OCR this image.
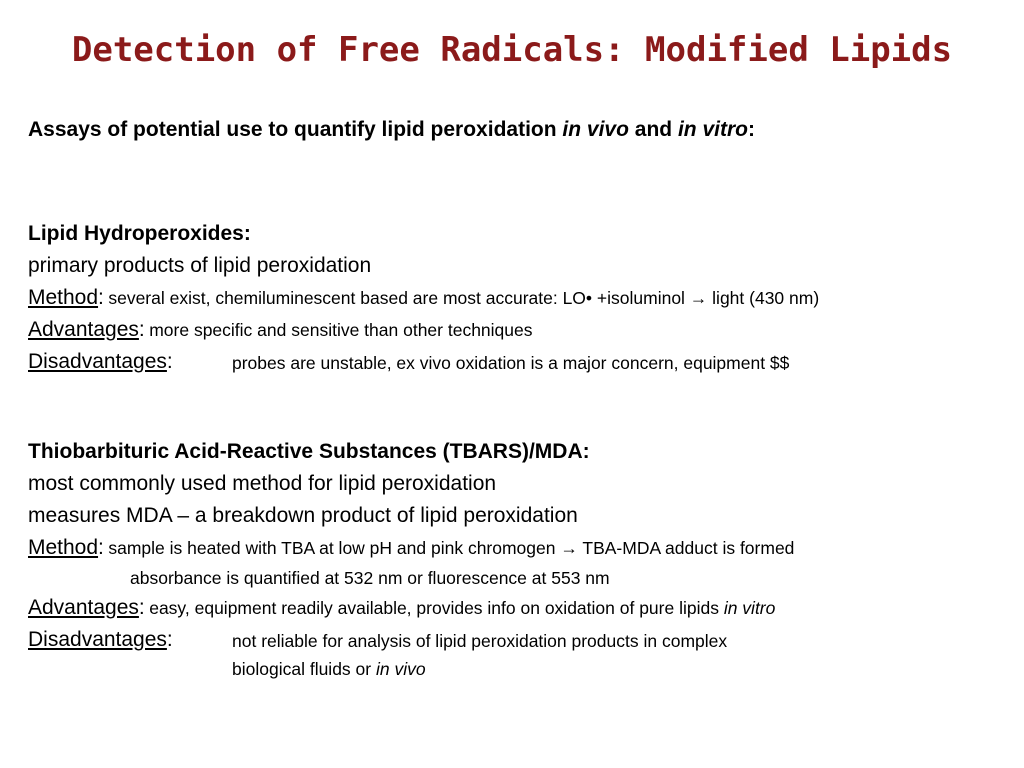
Detection of Free Radicals: Modified Lipids
Assays of potential use to quantify lipid peroxidation in vivo and in vitro:
Lipid Hydroperoxides:
primary products of lipid peroxidation
Method: several exist, chemiluminescent based are most accurate: LO• +isoluminol → light (430 nm)
Advantages: more specific and sensitive than other techniques
Disadvantages:	probes are unstable, ex vivo oxidation is a major concern, equipment $$
Thiobarbituric Acid-Reactive Substances (TBARS)/MDA:
most commonly used method for lipid peroxidation
measures MDA – a breakdown product of lipid peroxidation
Method: sample is heated with TBA at low pH and pink chromogen → TBA-MDA adduct is formed
absorbance is quantified at 532 nm or fluorescence at 553 nm
Advantages: easy, equipment readily available, provides info on oxidation of pure lipids in vitro
Disadvantages:	not reliable for analysis of lipid peroxidation products in complex
biological fluids or in vivo
